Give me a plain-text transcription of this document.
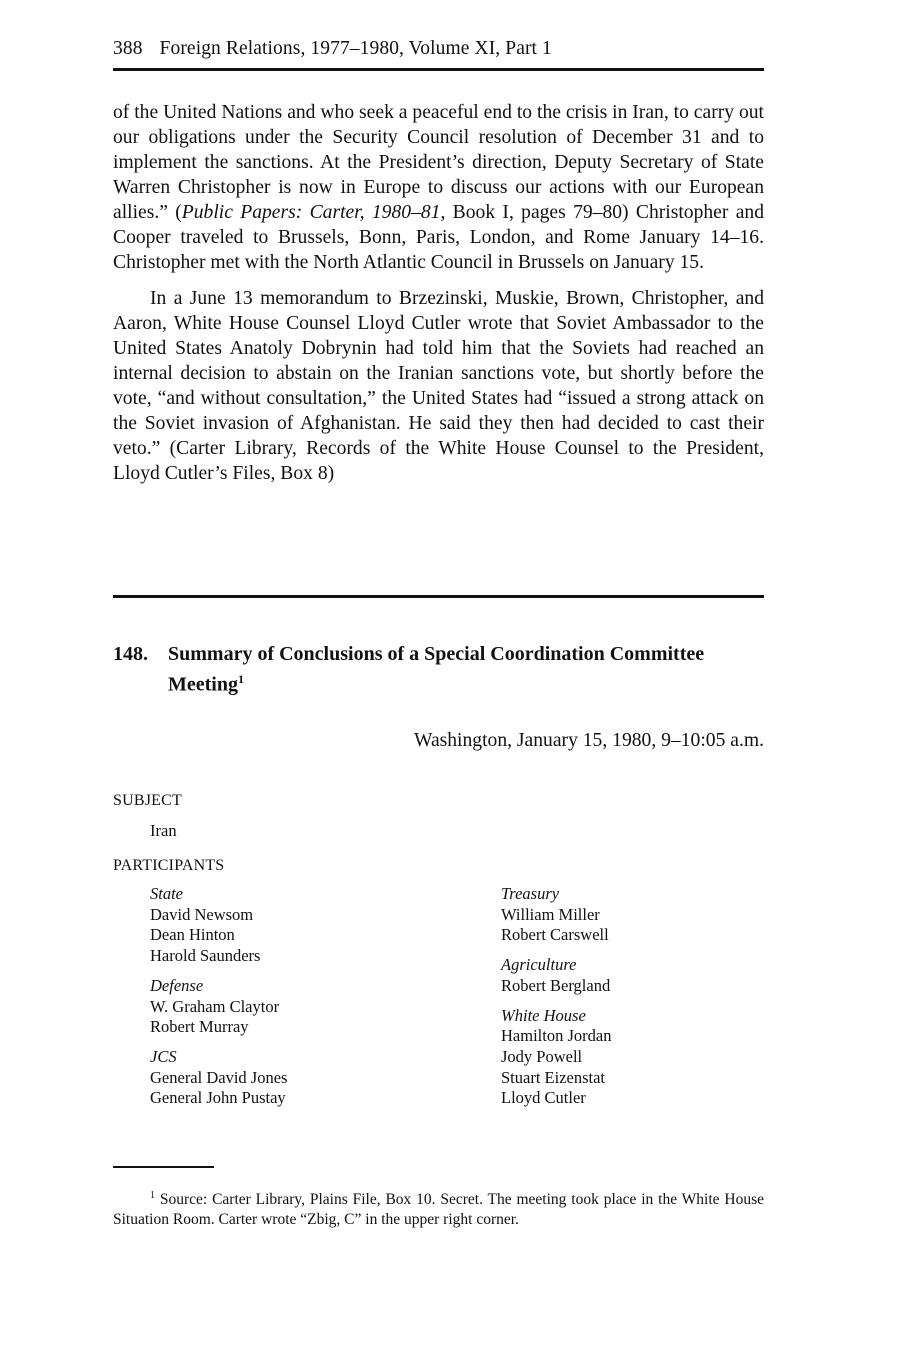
388 Foreign Relations, 1977–1980, Volume XI, Part 1

of the United Nations and who seek a peaceful end to the crisis in Iran, to carry out our obligations under the Security Council resolution of December 31 and to implement the sanctions. At the President’s direction, Deputy Secretary of State Warren Christopher is now in Europe to discuss our actions with our European allies.” (Public Papers: Carter, 1980–81, Book I, pages 79–80) Christopher and Cooper traveled to Brussels, Bonn, Paris, London, and Rome January 14–16. Christopher met with the North Atlantic Council in Brussels on January 15.

In a June 13 memorandum to Brzezinski, Muskie, Brown, Christopher, and Aaron, White House Counsel Lloyd Cutler wrote that Soviet Ambassador to the United States Anatoly Dobrynin had told him that the Soviets had reached an internal decision to abstain on the Iranian sanctions vote, but shortly before the vote, “and without consultation,” the United States had “issued a strong attack on the Soviet invasion of Afghanistan. He said they then had decided to cast their veto.” (Carter Library, Records of the White House Counsel to the President, Lloyd Cutler’s Files, Box 8)

148. Summary of Conclusions of a Special Coordination Committee Meeting$^1$
Washington, January 15, 1980, 9–10:05 a.m.
SUBJECT
Iran
PARTICIPANTS
State
David Newsom
Dean Hinton
Harold Saunders
Defense
W. Graham Claytor
Robert Murray
JCS
General David Jones
General John Pustay
Treasury
William Miller
Robert Carswell
Agriculture
Robert Bergland
White House
Hamilton Jordan
Jody Powell
Stuart Eizenstat
Lloyd Cutler
$^1$ Source: Carter Library, Plains File, Box 10. Secret. The meeting took place in the White House Situation Room. Carter wrote “Zbig, C” in the upper right corner.
